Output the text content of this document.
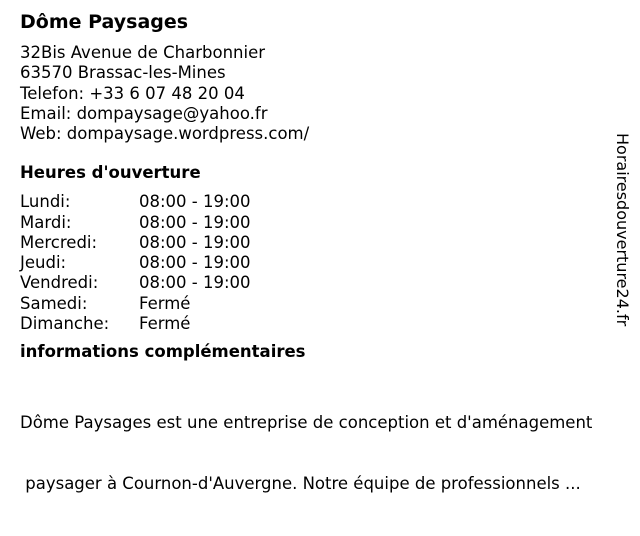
Dôme Paysages
32Bis Avenue de Charbonnier
63570 Brassac-les-Mines
Telefon: +33 6 07 48 20 04
Email: dompaysage@yahoo.fr
Web: dompaysage.wordpress.com/
Heures d'ouverture
Lundi:	08:00 - 19:00
Mardi:	08:00 - 19:00
Mercredi:	08:00 - 19:00
Jeudi:	08:00 - 19:00
Vendredi:	08:00 - 19:00
Samedi:	Fermé
Dimanche:	Fermé
informations complémentaires

Dôme Paysages est une entreprise de conception et d'aménagement

paysager à Cournon-d'Auvergne. Notre équipe de professionnels ...

Horairesdouverture24.fr
